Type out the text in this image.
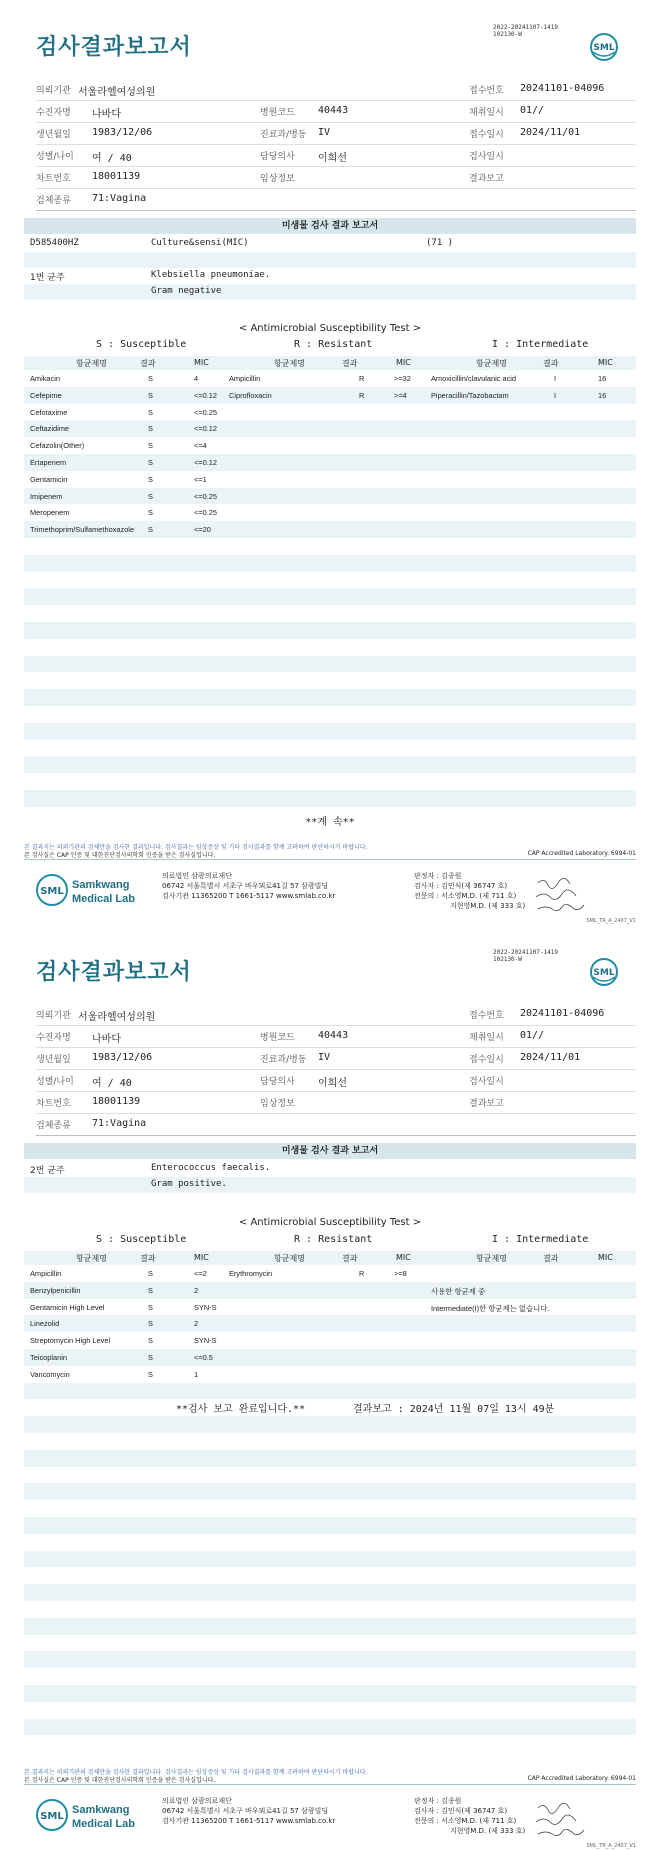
검사결과보고서
2022-20241107-1419
102130-W
SML
의뢰기관 서울라헬여성의원	접수번호 20241101-04096
수진자명 나바다	병원코드 40443	채취일시 01//
생년월일 1983/12/06	진료과/병동 IV	접수일시 2024/11/01
성별/나이 여 / 40	담당의사 이희선	검사일시
차트번호 18001139	임상정보	결과보고
검체종류 71:Vagina
미생물 검사 결과 보고서
D585400HZ	Culture&sensi(MIC)	(71 )
1번 균주	Klebsiella pneumoniae.
Gram negative
< Antimicrobial Susceptibility Test >
S : Susceptible	R : Resistant	I : Intermediate
항균제명	결과	MIC	항균제명	결과	MIC	항균제명	결과	MIC
Amikacin	S	4	Ampicillin	R	>=32	Amoxicillin/clavulanic acid	I	16
Cefepime	S	<=0.12 Ciprofloxacin	R	>=4	Piperacillin/Tazobactam	I	16
Cefotaxime	S	<=0.25
Ceftazidime	S	<=0.12
Cefazolin(Other)	S	<=4
Ertapenem	S	<=0.12
Gentamicin	S	<=1
Imipenem	S	<=0.25
Meropenem	S	<=0.25
Trimethoprim/Sulfamethoxazole S	<=20
**계 속**
본 결과지는 의뢰기관의 검체만을 검사한 결과입니다. 검사결과는 임상증상 및 기타 검사결과를 함께 고려하여 판단하시기 바랍니다.
본 검사실은 CAP 인증 및 대한진단검사의학회 인증을 받은 검사실입니다.	CAP Accredited Laboratory. 6994-01
SML
Samkwang
Medical Lab
의료법인 삼광의료재단
06742 서울특별시 서초구 바우뫼로41길 57 삼광빌딩
검사기관 11365200 T 1661-5117 www.smlab.co.kr
판정자 : 김종원
검사자 : 김민식(제 36747 호)
전문의 : 서소영M.D. (제 711 호)
지현영M.D. (제 333 호)
SML_TR_A_2407_V1
검사결과보고서
2022-20241107-1419
102130-W
SML
의뢰기관 서울라헬여성의원	접수번호 20241101-04096
수진자명 나바다	병원코드 40443	채취일시 01//
생년월일 1983/12/06	진료과/병동 IV	접수일시 2024/11/01
성별/나이 여 / 40	담당의사 이희선	검사일시
차트번호 18001139	임상정보	결과보고
검체종류 71:Vagina
미생물 검사 결과 보고서
2번 균주	Enterococcus faecalis.
Gram positive.
< Antimicrobial Susceptibility Test >
S : Susceptible	R : Resistant	I : Intermediate
항균제명	결과	MIC	항균제명	결과	MIC	항균제명	결과	MIC
Ampicillin	S	<=2	Erythromycin	R	>=8
Benzylpenicillin	S	2	사용한 항균제 중
Gentamicin High Level	S	SYN-S	Intermediate(I)한 항균제는 없습니다.
Linezolid	S	2
Streptomycin High Level	S	SYN-S
Teicoplanin	S	<=0.5
Vancomycin	S	1
**검사 보고 완료입니다.**	결과보고 : 2024년 11월 07일 13시 49분
본 결과지는 의뢰기관의 검체만을 검사한 결과입니다. 검사결과는 임상증상 및 기타 검사결과를 함께 고려하여 판단하시기 바랍니다.
본 검사실은 CAP 인증 및 대한진단검사의학회 인증을 받은 검사실입니다.	CAP Accredited Laboratory. 6994-01
SML
Samkwang
Medical Lab
의료법인 삼광의료재단
06742 서울특별시 서초구 바우뫼로41길 57 삼광빌딩
검사기관 11365200 T 1661-5117 www.smlab.co.kr
판정자 : 김종원
검사자 : 김민식(제 36747 호)
전문의 : 서소영M.D. (제 711 호)
지현영M.D. (제 333 호)
SML_TR_A_2407_V1
